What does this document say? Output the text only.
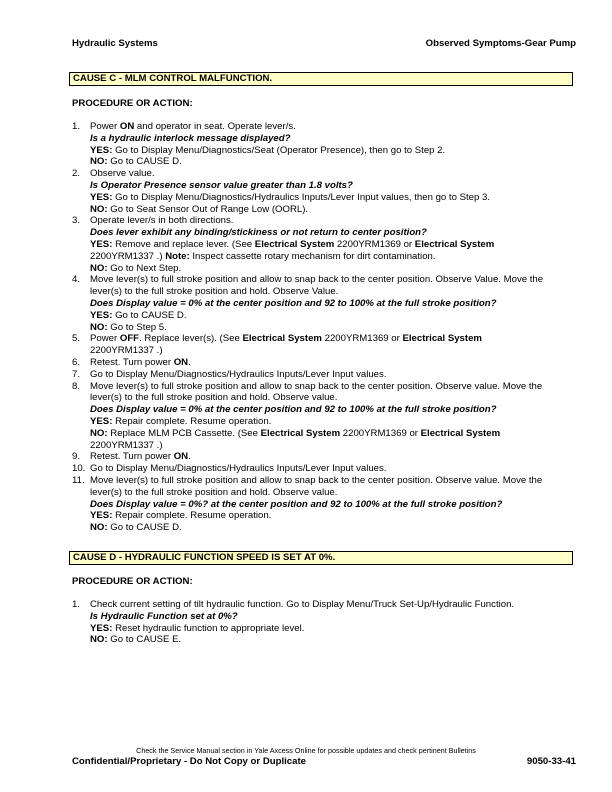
Hydraulic Systems	Observed Symptoms-Gear Pump
CAUSE C - MLM CONTROL MALFUNCTION.
PROCEDURE OR ACTION:
1. Power ON and operator in seat. Operate lever/s.
Is a hydraulic interlock message displayed?
YES: Go to Display Menu/Diagnostics/Seat (Operator Presence), then go to Step 2.
NO: Go to CAUSE D.
2. Observe value.
Is Operator Presence sensor value greater than 1.8 volts?
YES: Go to Display Menu/Diagnostics/Hydraulics Inputs/Lever Input values, then go to Step 3.
NO: Go to Seat Sensor Out of Range Low (OORL).
3. Operate lever/s in both directions.
Does lever exhibit any binding/stickiness or not return to center position?
YES: Remove and replace lever. (See Electrical System 2200YRM1369 or Electrical System
2200YRM1337 .) Note: Inspect cassette rotary mechanism for dirt contamination.
NO: Go to Next Step.
4. Move lever(s) to full stroke position and allow to snap back to the center position. Observe Value. Move the
lever(s) to the full stroke position and hold. Observe Value.
Does Display value = 0% at the center position and 92 to 100% at the full stroke position?
YES: Go to CAUSE D.
NO: Go to Step 5.
5. Power OFF. Replace lever(s). (See Electrical System 2200YRM1369 or Electrical System
2200YRM1337 .)
6. Retest. Turn power ON.
7. Go to Display Menu/Diagnostics/Hydraulics Inputs/Lever Input values.
8. Move lever(s) to full stroke position and allow to snap back to the center position. Observe value. Move the
lever(s) to the full stroke position and hold. Observe value.
Does Display value = 0% at the center position and 92 to 100% at the full stroke position?
YES: Repair complete. Resume operation.
NO: Replace MLM PCB Cassette. (See Electrical System 2200YRM1369 or Electrical System
2200YRM1337 .)
9. Retest. Turn power ON.
10. Go to Display Menu/Diagnostics/Hydraulics Inputs/Lever Input values.
11. Move lever(s) to full stroke position and allow to snap back to the center position. Observe value. Move the
lever(s) to the full stroke position and hold. Observe value.
Does Display value = 0%? at the center position and 92 to 100% at the full stroke position?
YES: Repair complete. Resume operation.
NO: Go to CAUSE D.
CAUSE D - HYDRAULIC FUNCTION SPEED IS SET AT 0%.
PROCEDURE OR ACTION:
1. Check current setting of tilt hydraulic function. Go to Display Menu/Truck Set-Up/Hydraulic Function.
Is Hydraulic Function set at 0%?
YES: Reset hydraulic function to appropriate level.
NO: Go to CAUSE E.
Check the Service Manual section in Yale Axcess Online for possible updates and check pertinent Bulletins
Confidential/Proprietary - Do Not Copy or Duplicate	9050-33-41
